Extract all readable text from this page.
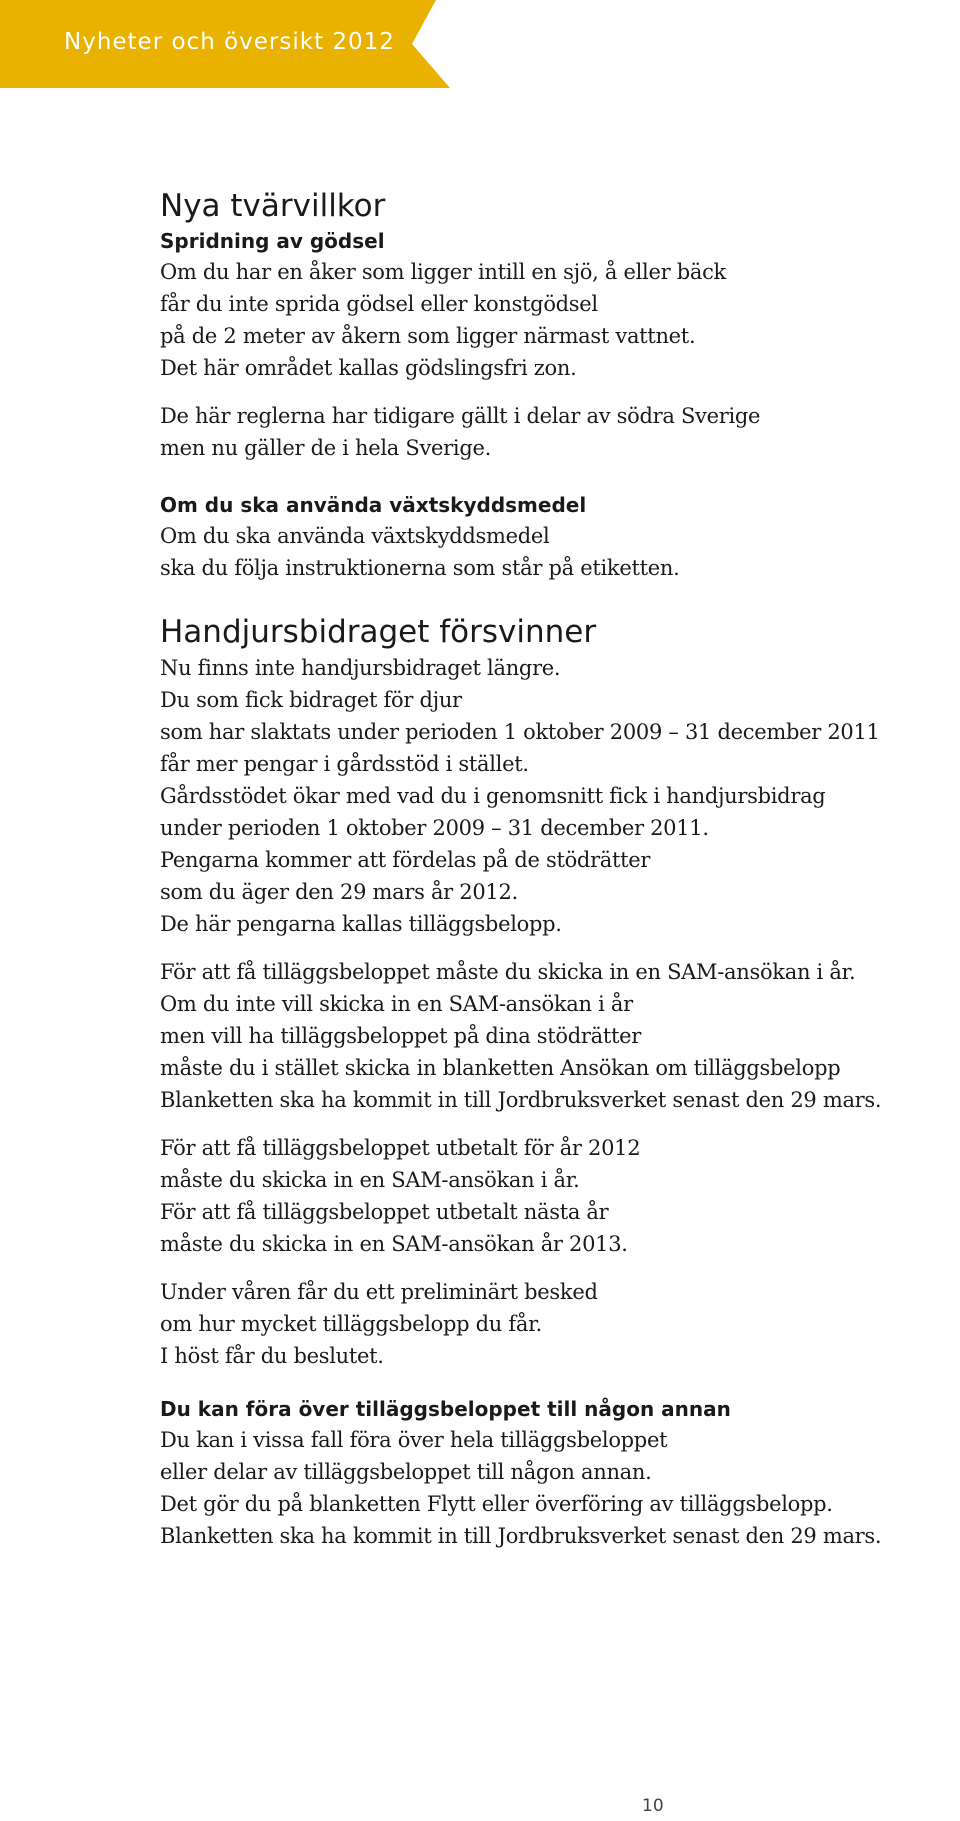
Nyheter och översikt 2012
Nya tvärvillkor
Spridning av gödsel

Om du har en åker som ligger intill en sjö, å eller bäck
får du inte sprida gödsel eller konstgödsel
på de 2 meter av åkern som ligger närmast vattnet.
Det här området kallas gödslingsfri zon.

De här reglerna har tidigare gällt i delar av södra Sverige
men nu gäller de i hela Sverige.

Om du ska använda växtskyddsmedel

Om du ska använda växtskyddsmedel
ska du följa instruktionerna som står på etiketten.

Handjursbidraget försvinner

Nu finns inte handjursbidraget längre.
Du som fick bidraget för djur
som har slaktats under perioden 1 oktober 2009 – 31 december 2011
får mer pengar i gårdsstöd i stället.
Gårdsstödet ökar med vad du i genomsnitt fick i handjursbidrag
under perioden 1 oktober 2009 – 31 december 2011.
Pengarna kommer att fördelas på de stödrätter
som du äger den 29 mars år 2012.
De här pengarna kallas tilläggsbelopp.

För att få tilläggsbeloppet måste du skicka in en SAM-ansökan i år.
Om du inte vill skicka in en SAM-ansökan i år
men vill ha tilläggsbeloppet på dina stödrätter
måste du i stället skicka in blanketten Ansökan om tilläggsbelopp
Blanketten ska ha kommit in till Jordbruksverket senast den 29 mars.

För att få tilläggsbeloppet utbetalt för år 2012
måste du skicka in en SAM-ansökan i år.
För att få tilläggsbeloppet utbetalt nästa år
måste du skicka in en SAM-ansökan år 2013.

Under våren får du ett preliminärt besked
om hur mycket tilläggsbelopp du får.
I höst får du beslutet.

Du kan föra över tilläggsbeloppet till någon annan

Du kan i vissa fall föra över hela tilläggsbeloppet
eller delar av tilläggsbeloppet till någon annan.
Det gör du på blanketten Flytt eller överföring av tilläggsbelopp.
Blanketten ska ha kommit in till Jordbruksverket senast den 29 mars.

10
